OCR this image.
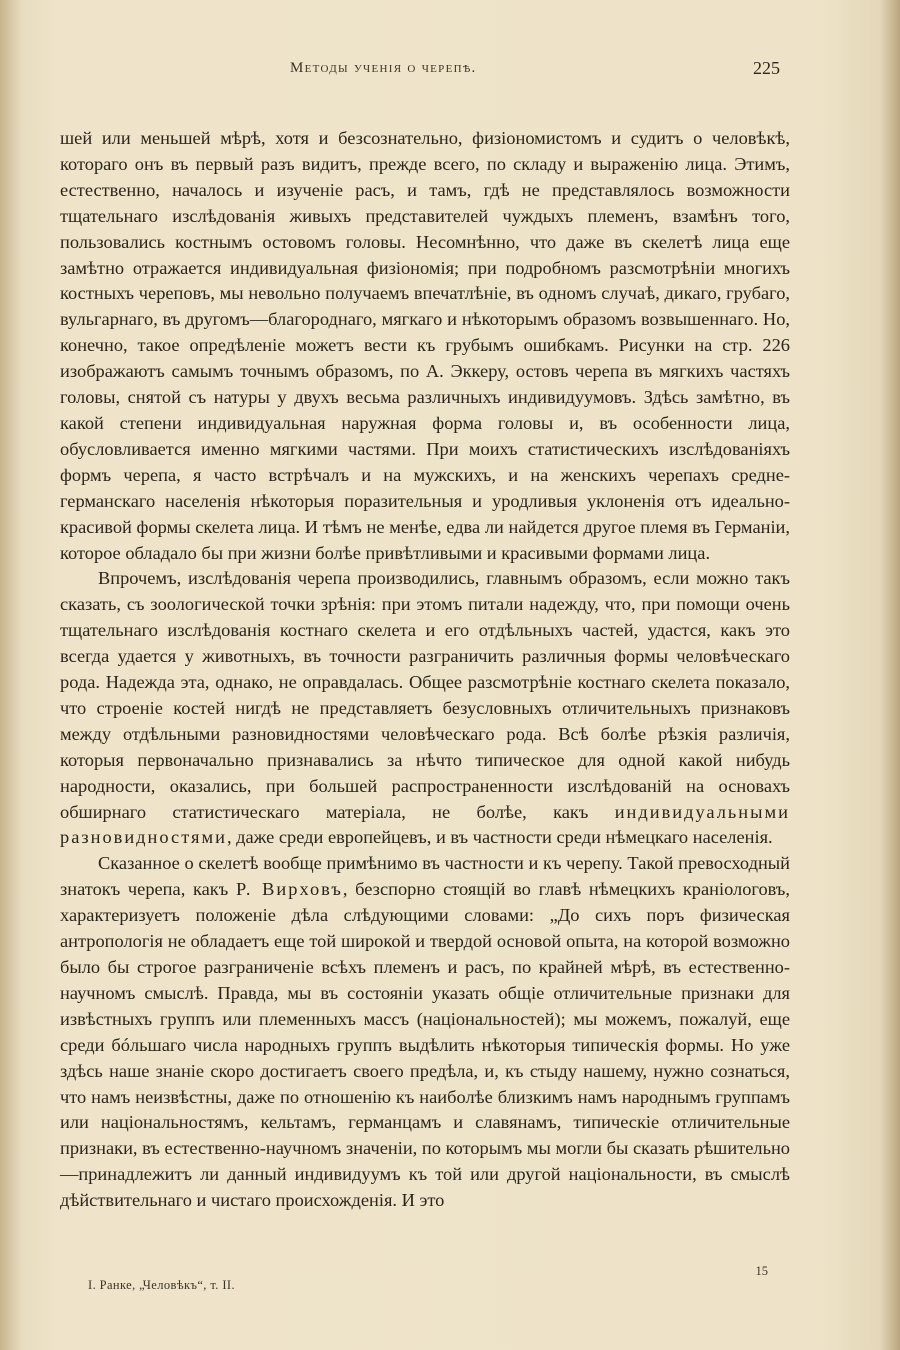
Методы ученія о черепѣ.	225

шей или меньшей мѣрѣ, хотя и безсознательно, физіономистомъ и судитъ о человѣкѣ, котораго онъ въ первый разъ видитъ, прежде всего, по складу и выраженію лица. Этимъ, естественно, началось и изученіе расъ, и тамъ, гдѣ не представлялось возможности тщательнаго изслѣдованія живыхъ представителей чуждыхъ племенъ, взамѣнъ того, пользовались костнымъ остовомъ головы. Несомнѣнно, что даже въ скелетѣ лица еще замѣтно отражается индивидуальная физіономія; при подробномъ разсмотрѣніи многихъ костныхъ череповъ, мы невольно получаемъ впечатлѣніе, въ одномъ случаѣ, дикаго, грубаго, вульгарнаго, въ другомъ—благороднаго, мягкаго и нѣкоторымъ образомъ возвышеннаго. Но, конечно, такое опредѣленіе можетъ вести къ грубымъ ошибкамъ. Рисунки на стр. 226 изображаютъ самымъ точнымъ образомъ, по А. Эккеру, остовъ черепа въ мягкихъ частяхъ головы, снятой съ натуры у двухъ весьма различныхъ индивидуумовъ. Здѣсь замѣтно, въ какой степени индивидуальная наружная форма головы и, въ особенности лица, обусловливается именно мягкими частями. При моихъ статистическихъ изслѣдованіяхъ формъ черепа, я часто встрѣчалъ и на мужскихъ, и на женскихъ черепахъ средне-германскаго населенія нѣкоторыя поразительныя и уродливыя уклоненія отъ идеально-красивой формы скелета лица. И тѣмъ не менѣе, едва ли найдется другое племя въ Германіи, которое обладало бы при жизни болѣе привѣтливыми и красивыми формами лица.

Впрочемъ, изслѣдованія черепа производились, главнымъ образомъ, если можно такъ сказать, съ зоологической точки зрѣнія: при этомъ питали надежду, что, при помощи очень тщательнаго изслѣдованія костнаго скелета и его отдѣльныхъ частей, удастся, какъ это всегда удается у животныхъ, въ точности разграничить различныя формы человѣческаго рода. Надежда эта, однако, не оправдалась. Общее разсмотрѣніе костнаго скелета показало, что строеніе костей нигдѣ не представляетъ безусловныхъ отличительныхъ признаковъ между отдѣльными разновидностями человѣческаго рода. Всѣ болѣе рѣзкія различія, которыя первоначально признавались за нѣчто типическое для одной какой нибудь народности, оказались, при большей распространенности изслѣдованій на основахъ обширнаго статистическаго матеріала, не болѣе, какъ индивидуальными разновидностями, даже среди европейцевъ, и въ частности среди нѣмецкаго населенія.

Сказанное о скелетѣ вообще примѣнимо въ частности и къ черепу. Такой превосходный знатокъ черепа, какъ Р. Вирховъ, безспорно стоящій во главѣ нѣмецкихъ краніологовъ, характеризуетъ положеніе дѣла слѣдующими словами: „До сихъ поръ физическая антропологія не обладаетъ еще той широкой и твердой основой опыта, на которой возможно было бы строгое разграниченіе всѣхъ племенъ и расъ, по крайней мѣрѣ, въ естественно-научномъ смыслѣ. Правда, мы въ состояніи указать общіе отличительные признаки для извѣстныхъ группъ или племенныхъ массъ (національностей); мы можемъ, пожалуй, еще среди бóльшаго числа народныхъ группъ выдѣлить нѣкоторыя типическія формы. Но уже здѣсь наше знаніе скоро достигаетъ своего предѣла, и, къ стыду нашему, нужно сознаться, что намъ неизвѣстны, даже по отношенію къ наиболѣе близкимъ намъ народнымъ группамъ или національностямъ, кельтамъ, германцамъ и славянамъ, типическіе отличительные признаки, въ естественно-научномъ значеніи, по которымъ мы могли бы сказать рѣшительно—принадлежитъ ли данный индивидуумъ къ той или другой національности, въ смыслѣ дѣйствительнаго и чистаго происхожденія. И это

І. Ранке, „Человѣкъ“, т. II.
15
